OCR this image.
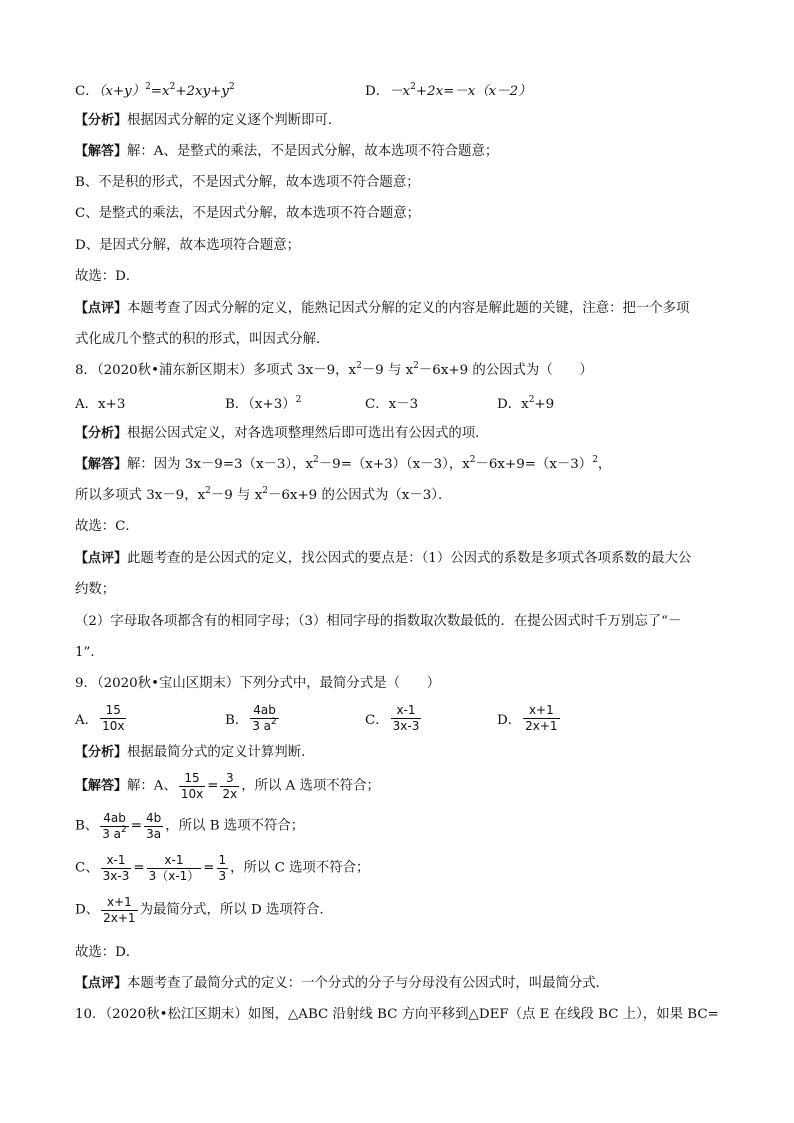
C．$(x+y)^2=x^2+2xy+y^2$	D．$-x^2+2x=-x(x-2)$
【分析】根据因式分解的定义逐个判断即可．
【解答】解：A、是整式的乘法，不是因式分解，故本选项不符合题意；
B、不是积的形式，不是因式分解，故本选项不符合题意；
C、是整式的乘法，不是因式分解，故本选项不符合题意；
D、是因式分解，故本选项符合题意；
故选：D．
【点评】本题考查了因式分解的定义，能熟记因式分解的定义的内容是解此题的关键，注意：把一个多项
式化成几个整式的积的形式，叫因式分解．
8．（2020秋•浦东新区期末）多项式 3x－9，$x^2-9$ 与 $x^2-6x+9$ 的公因式为（　　）
A．x+3	B．$(x+3)^2$	C．x－3	D．$x^2+9$
【分析】根据公因式定义，对各选项整理然后即可选出有公因式的项．
【解答】解：因为 3x－9=3（x－3），$x^2-9=(x+3)(x-3)$，$x^2-6x+9=(x-3)^2$，
所以多项式 3x－9，$x^2-9$ 与 $x^2-6x+9$ 的公因式为（x－3）．
故选：C．
【点评】此题考查的是公因式的定义，找公因式的要点是：（1）公因式的系数是多项式各项系数的最大公
约数；
（2）字母取各项都含有的相同字母；（3）相同字母的指数取次数最低的．在提公因式时千万别忘了“－
1”．
9．（2020秋•宝山区期末）下列分式中，最简分式是（　　）
A． $\frac{15}{10x}$	B． $\frac{4ab}{3 a^2}$	C． $\frac{x-1}{3x-3}$	D． $\frac{x+1}{2x+1}$
【分析】根据最简分式的定义计算判断．
【解答】解：A、 $\frac{15}{10x} = \frac{3}{2x}$ ，所以 A 选项不符合；
B、 $\frac{4ab}{3 a^2} = \frac{4b}{3a}$ ，所以 B 选项不符合；
C、 $\frac{x-1}{3x-3} = \frac{x-1}{3(x-1)} = \frac{1}{3}$ ，所以 C 选项不符合；
D、 $\frac{x+1}{2x+1}$ 为最简分式，所以 D 选项符合．
故选：D．
【点评】本题考查了最简分式的定义：一个分式的分子与分母没有公因式时，叫最简分式．
10．（2020秋•松江区期末）如图，△ABC 沿射线 BC 方向平移到△DEF（点 E 在线段 BC 上），如果 BC=
